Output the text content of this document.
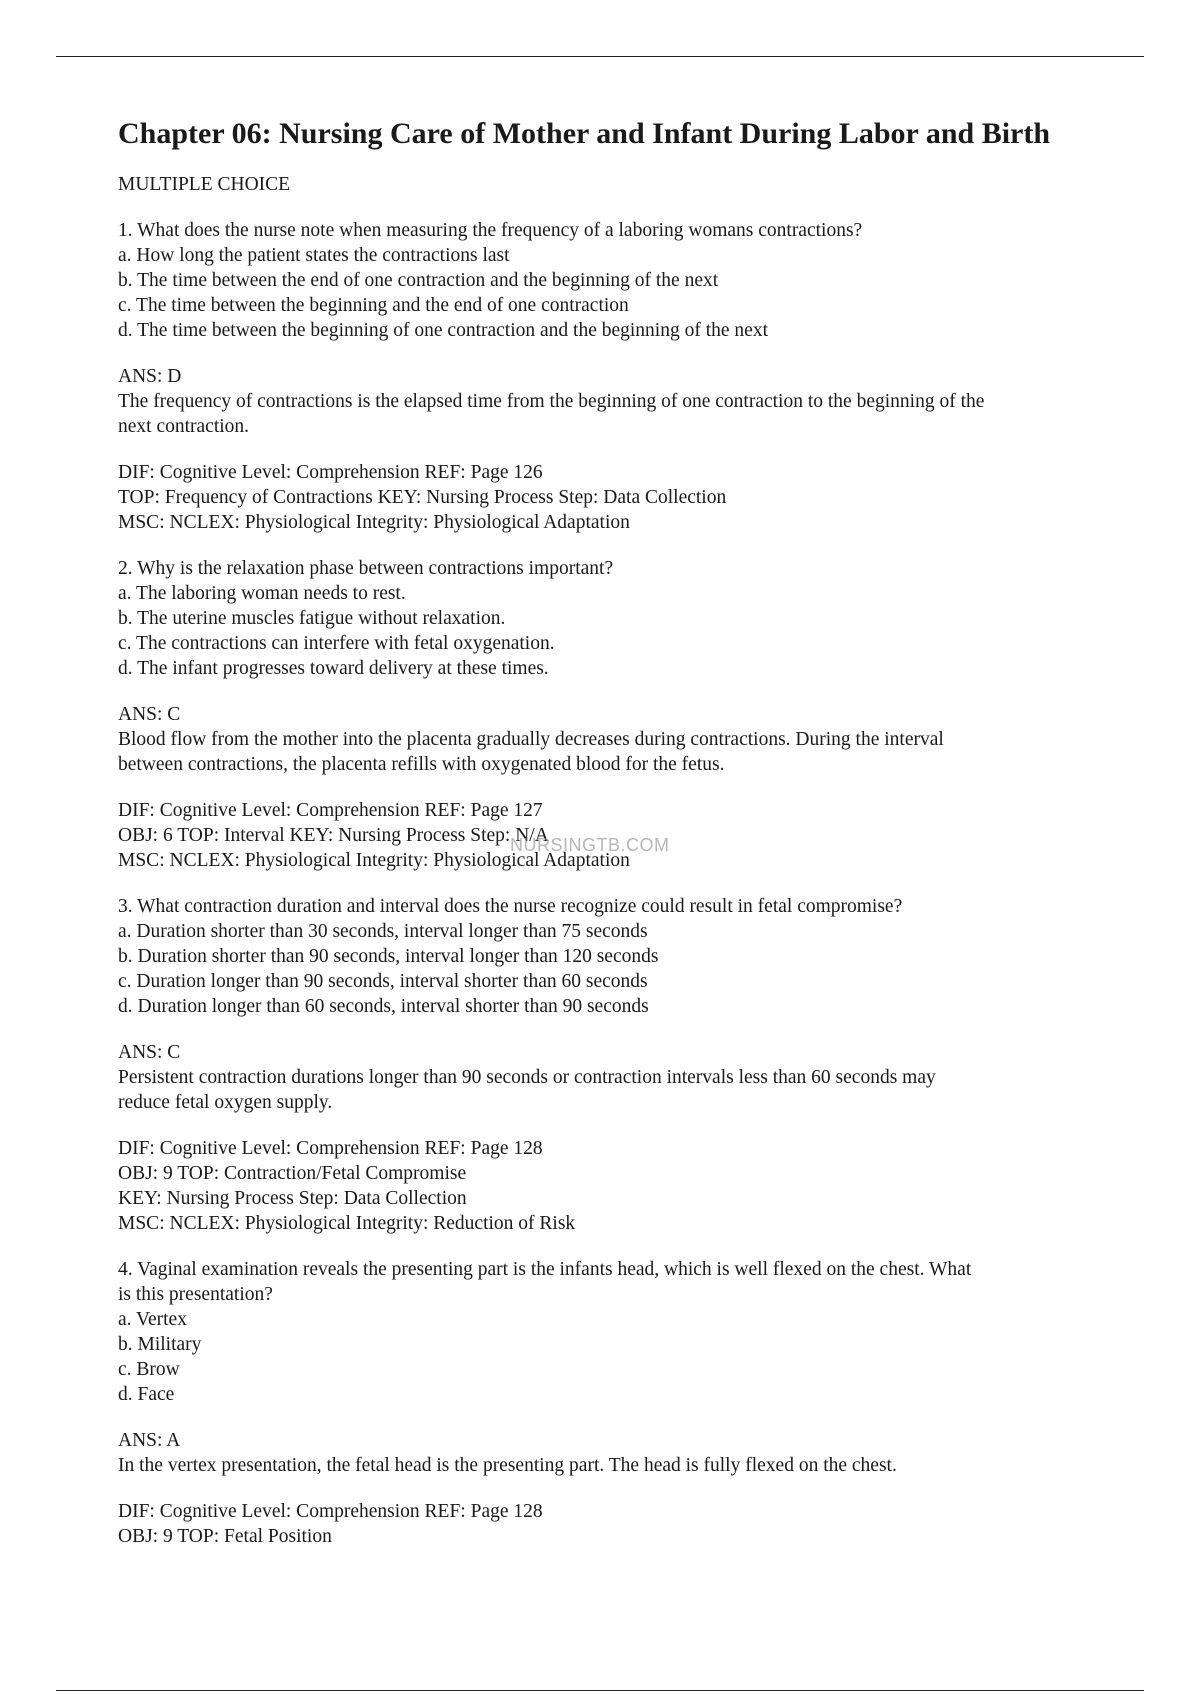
Chapter 06: Nursing Care of Mother and Infant During Labor and Birth
MULTIPLE CHOICE
1. What does the nurse note when measuring the frequency of a laboring womans contractions?
a. How long the patient states the contractions last
b. The time between the end of one contraction and the beginning of the next
c. The time between the beginning and the end of one contraction
d. The time between the beginning of one contraction and the beginning of the next
ANS: D
The frequency of contractions is the elapsed time from the beginning of one contraction to the beginning of the
next contraction.
DIF: Cognitive Level: Comprehension REF: Page 126
TOP: Frequency of Contractions KEY: Nursing Process Step: Data Collection
MSC: NCLEX: Physiological Integrity: Physiological Adaptation
2. Why is the relaxation phase between contractions important?
a. The laboring woman needs to rest.
b. The uterine muscles fatigue without relaxation.
c. The contractions can interfere with fetal oxygenation.
d. The infant progresses toward delivery at these times.
ANS: C
Blood flow from the mother into the placenta gradually decreases during contractions. During the interval
between contractions, the placenta refills with oxygenated blood for the fetus.
DIF: Cognitive Level: Comprehension REF: Page 127
OBJ: 6 TOP: Interval KEY: Nursing Process Step: N/A
MSC: NCLEX: Physiological Integrity: Physiological Adaptation
3. What contraction duration and interval does the nurse recognize could result in fetal compromise?
a. Duration shorter than 30 seconds, interval longer than 75 seconds
b. Duration shorter than 90 seconds, interval longer than 120 seconds
c. Duration longer than 90 seconds, interval shorter than 60 seconds
d. Duration longer than 60 seconds, interval shorter than 90 seconds
ANS: C
Persistent contraction durations longer than 90 seconds or contraction intervals less than 60 seconds may
reduce fetal oxygen supply.
DIF: Cognitive Level: Comprehension REF: Page 128
OBJ: 9 TOP: Contraction/Fetal Compromise
KEY: Nursing Process Step: Data Collection
MSC: NCLEX: Physiological Integrity: Reduction of Risk
4. Vaginal examination reveals the presenting part is the infants head, which is well flexed on the chest. What
is this presentation?
a. Vertex
b. Military
c. Brow
d. Face
ANS: A
In the vertex presentation, the fetal head is the presenting part. The head is fully flexed on the chest.
DIF: Cognitive Level: Comprehension REF: Page 128
OBJ: 9 TOP: Fetal Position
NURSINGTB.COM
